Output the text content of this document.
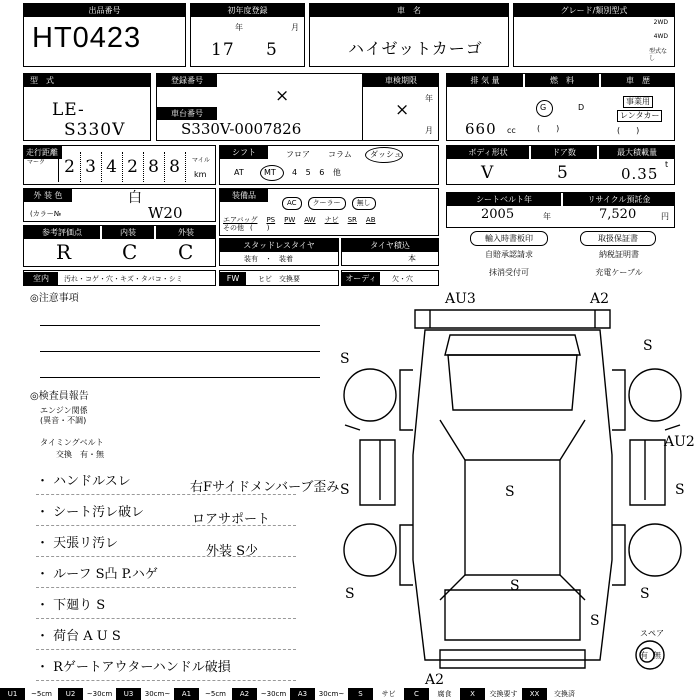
出品番号
HT0423
初年度登録
年	月
17 5
車　名
ハイゼットカーゴ
グレード/類別型式
2WD
4WD
型式なし
型　式
LE-
S330V
登録番号
×
車台番号
S330V-0007826
車検期限
年
月
×
排 気 量
660 cc
燃　料
G	D
(　　)
車　歴
事業用
レンタカー
(　　)
走行距離
マーク 2 3 4 2 8 8	マイル
km
シフト	フロア コラム ダッシュ
AT	MT 4 5 6 他
ボディ形状	ドア数	最大積載量
V	5	0.35
t
外 装 色	白
(カラー№	W20
装備品
AC クーラー 無し
エアバッグ PS PW AW ナビ SR AB
その他 (　　)
シートベルト年	リサイクル預託金
2005	年	7,520	円
参考評価点	内装	外装
R C C	スタッドレスタイヤ
装有　・　装着
タイヤ積込
本
輸入時書板印
自賠承認請求
抹消受付可
取扱保証書
納税証明書
充電ケーブル
室内	汚れ・コゲ・穴・キズ・タバコ・シミ	FW	ヒビ　交換要	オーディオ
欠・穴
◎注意事項
◎検査員報告
エンジン関係
(異音・不調)
タイミングベルト
交換　有・無
・ ハンドルスレ
・ シート汚レ破レ
・ 天張リ汚レ
・ ルーフ S凸 P.ハゲ
・ 下廻り S
・ 荷台 A U S
・ Rゲートアウターハンドル破損
右Fサイドメンバーブ歪み
ロアサポート
外装 S少
AU3	A2
S
S
AU2
S	S	S
S	S	S
S
A2
スペア
有 無
U1	~5cm	U2	~30cm	U3	30cm~	A1	~5cm	A2	~30cm	A3	30cm~	S	サビ	C	腐食	X	交換要す	XX	交換済
